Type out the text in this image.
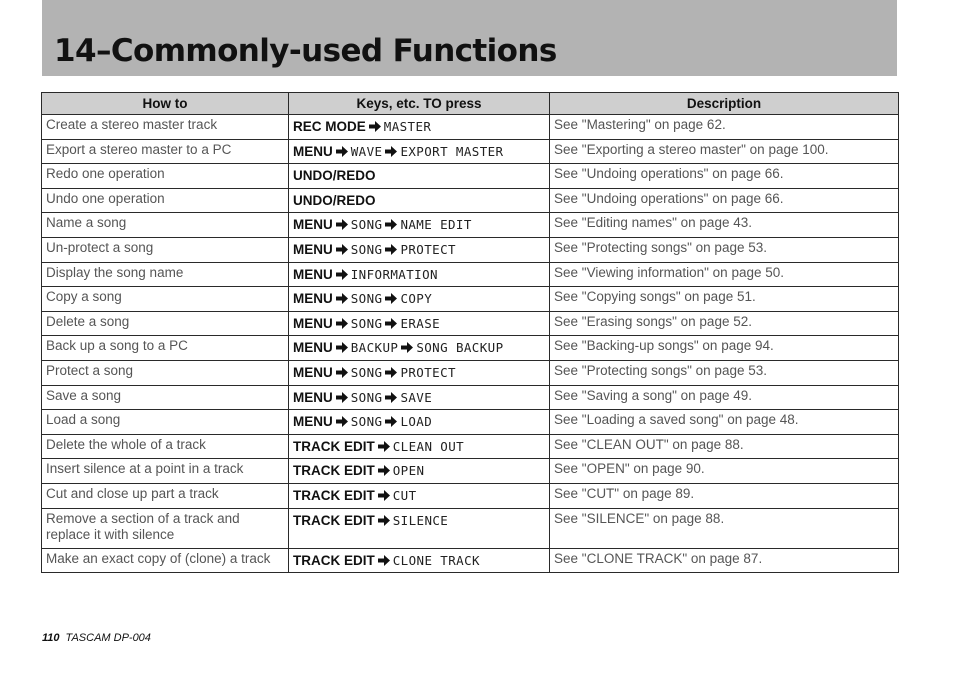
14–Commonly-used Functions
How to	Keys, etc. TO press	Description
Create a stereo master track	REC MODE MASTER	See "Mastering" on page 62.
Export a stereo master to a PC	MENU WAVE EXPORT MASTER	See "Exporting a stereo master" on page 100.
Redo one operation	UNDO/REDO	See "Undoing operations" on page 66.
Undo one operation	UNDO/REDO	See "Undoing operations" on page 66.
Name a song	MENU SONG NAME EDIT	See "Editing names" on page 43.
Un-protect a song	MENU SONG PROTECT	See "Protecting songs" on page 53.
Display the song name	MENU INFORMATION	See "Viewing information" on page 50.
Copy a song	MENU SONG COPY	See "Copying songs" on page 51.
Delete a song	MENU SONG ERASE	See "Erasing songs" on page 52.
Back up a song to a PC	MENU BACKUP SONG BACKUP	See "Backing-up songs" on page 94.
Protect a song	MENU SONG PROTECT	See "Protecting songs" on page 53.
Save a song	MENU SONG SAVE	See "Saving a song" on page 49.
Load a song	MENU SONG LOAD	See "Loading a saved song" on page 48.
Delete the whole of a track	TRACK EDIT CLEAN OUT	See "CLEAN OUT" on page 88.
Insert silence at a point in a track	TRACK EDIT OPEN	See "OPEN" on page 90.
Cut and close up part a track	TRACK EDIT CUT	See "CUT" on page 89.
Remove a section of a track and replace it with silence	TRACK EDIT SILENCE	See "SILENCE" on page 88.
Make an exact copy of (clone) a track	TRACK EDIT CLONE TRACK	See "CLONE TRACK" on page 87.
110 TASCAM DP-004
